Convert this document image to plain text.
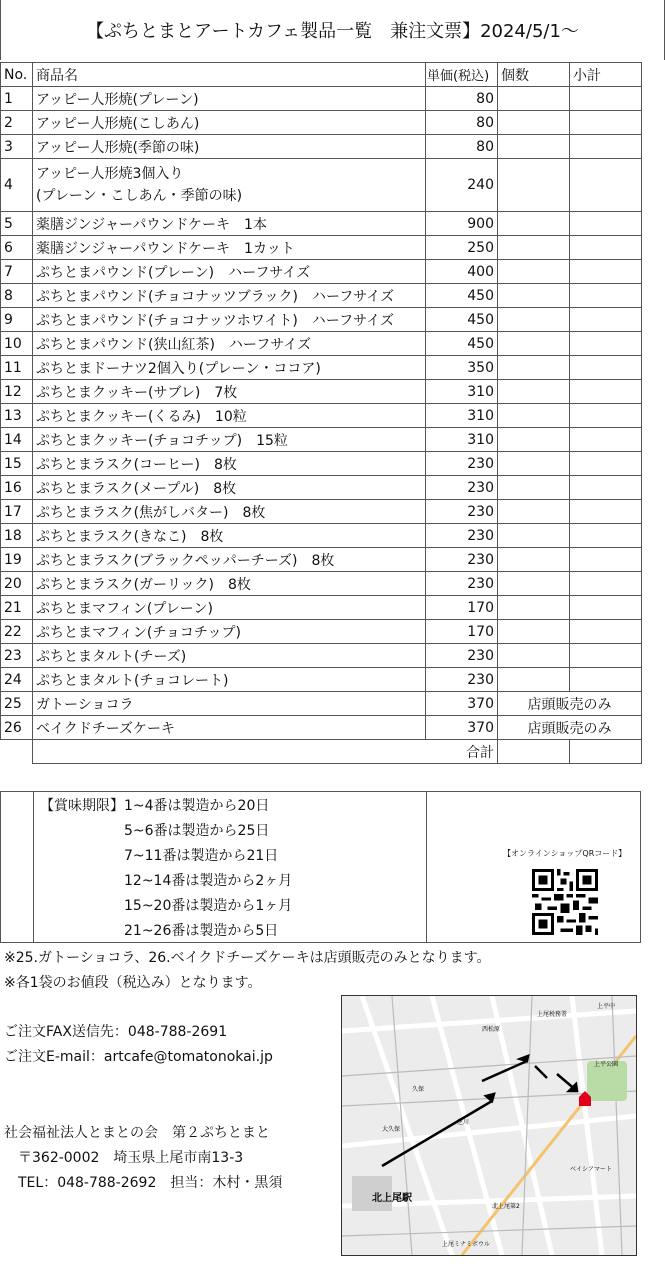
【ぷちとまとアートカフェ製品一覧　兼注文票】2024/5/1～
No.	商品名	単価(税込)	個数	小計
1	アッピー人形焼(プレーン)	80		
2	アッピー人形焼(こしあん)	80		
3	アッピー人形焼(季節の味)	80		
4	アッピー人形焼3個入り
(プレーン・こしあん・季節の味)	240		
5	薬膳ジンジャーパウンドケーキ　1本	900		
6	薬膳ジンジャーパウンドケーキ　1カット	250		
7	ぷちとまパウンド(プレーン)　ハーフサイズ	400		
8	ぷちとまパウンド(チョコナッツブラック)　ハーフサイズ	450		
9	ぷちとまパウンド(チョコナッツホワイト)　ハーフサイズ	450		
10	ぷちとまパウンド(狭山紅茶)　ハーフサイズ	450		
11	ぷちとまドーナツ2個入り(プレーン・ココア)	350		
12	ぷちとまクッキー(サブレ)　7枚	310		
13	ぷちとまクッキー(くるみ)　10粒	310		
14	ぷちとまクッキー(チョコチップ)　15粒	310		
15	ぷちとまラスク(コーヒー)　8枚	230		
16	ぷちとまラスク(メープル)　8枚	230		
17	ぷちとまラスク(焦がしバター)　8枚	230		
18	ぷちとまラスク(きなこ)　8枚	230		
19	ぷちとまラスク(ブラックペッパーチーズ)　8枚	230		
20	ぷちとまラスク(ガーリック)　8枚	230		
21	ぷちとまマフィン(プレーン)	170		
22	ぷちとまマフィン(チョコチップ)	170		
23	ぷちとまタルト(チーズ)	230		
24	ぷちとまタルト(チョコレート)	230		
25	ガトーショコラ	370	店頭販売のみ	
26	ベイクドチーズケーキ	370	店頭販売のみ	
	合計			
【賞味期限】1~4番は製造から20日
5~6番は製造から25日
7~11番は製造から21日
12~14番は製造から2ヶ月
15~20番は製造から1ヶ月
21~26番は製造から5日
【オンラインショップQRコード】
※25.ガトーショコラ、26.ベイクドチーズケーキは店頭販売のみとなります。
※各1袋のお値段（税込み）となります。
ご注文FAX送信先：048-788-2691
ご注文E-mail：artcafe@tomatonokai.jp
社会福祉法人とまとの会　第２ぷちとまと
〒362-0002　埼玉県上尾市南13-3
TEL：048-788-2692　担当：木村・黒須
北上尾駅
上尾税務署
上平中
上平公園
西松原
久保
大久保
芝川
ベイシアマート
北上尾第2
上尾ミナミボウル
